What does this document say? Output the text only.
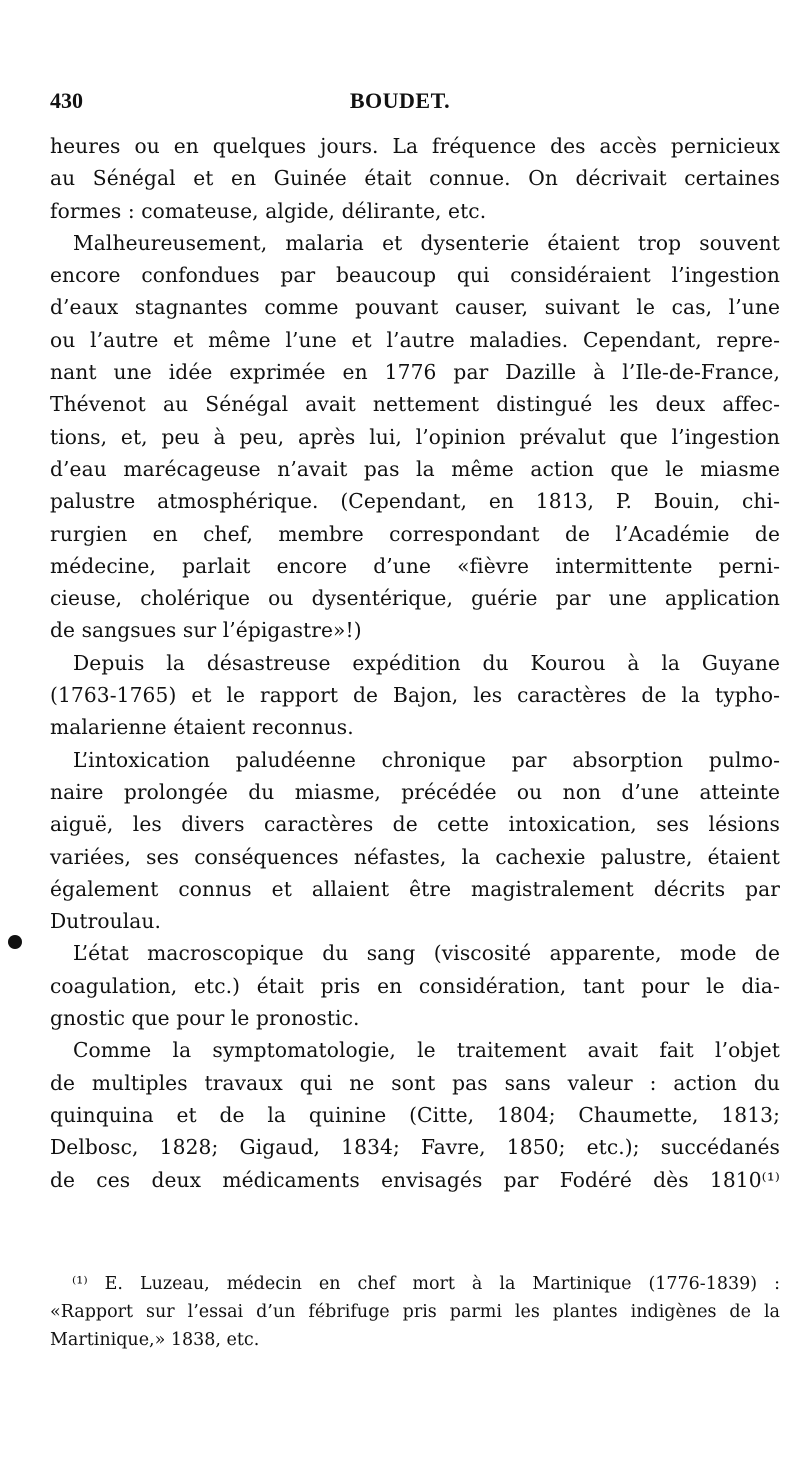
430	BOUDET.
heures ou en quelques jours. La fréquence des accès pernicieux
au Sénégal et en Guinée était connue. On décrivait certaines
formes : comateuse, algide, délirante, etc.
Malheureusement, malaria et dysenterie étaient trop souvent
encore confondues par beaucoup qui considéraient l’ingestion
d’eaux stagnantes comme pouvant causer, suivant le cas, l’une
ou l’autre et même l’une et l’autre maladies. Cependant, repre-
nant une idée exprimée en 1776 par Dazille à l’Ile-de-France,
Thévenot au Sénégal avait nettement distingué les deux affec-
tions, et, peu à peu, après lui, l’opinion prévalut que l’ingestion
d’eau marécageuse n’avait pas la même action que le miasme
palustre atmosphérique. (Cependant, en 1813, P. Bouin, chi-
rurgien en chef, membre correspondant de l’Académie de
médecine, parlait encore d’une «fièvre intermittente perni-
cieuse, cholérique ou dysentérique, guérie par une application
de sangsues sur l’épigastre»!)
Depuis la désastreuse expédition du Kourou à la Guyane
(1763-1765) et le rapport de Bajon, les caractères de la typho-
malarienne étaient reconnus.
L’intoxication paludéenne chronique par absorption pulmo-
naire prolongée du miasme, précédée ou non d’une atteinte
aiguë, les divers caractères de cette intoxication, ses lésions
variées, ses conséquences néfastes, la cachexie palustre, étaient
également connus et allaient être magistralement décrits par
Dutroulau.
L’état macroscopique du sang (viscosité apparente, mode de
coagulation, etc.) était pris en considération, tant pour le dia-
gnostic que pour le pronostic.
Comme la symptomatologie, le traitement avait fait l’objet
de multiples travaux qui ne sont pas sans valeur : action du
quinquina et de la quinine (Citte, 1804; Chaumette, 1813;
Delbosc, 1828; Gigaud, 1834; Favre, 1850; etc.); succédanés
de ces deux médicaments envisagés par Fodéré dès 1810⁽¹⁾
⁽¹⁾ E. Luzeau, médecin en chef mort à la Martinique (1776-1839) :
«Rapport sur l’essai d’un fébrifuge pris parmi les plantes indigènes de la
Martinique,» 1838, etc.
